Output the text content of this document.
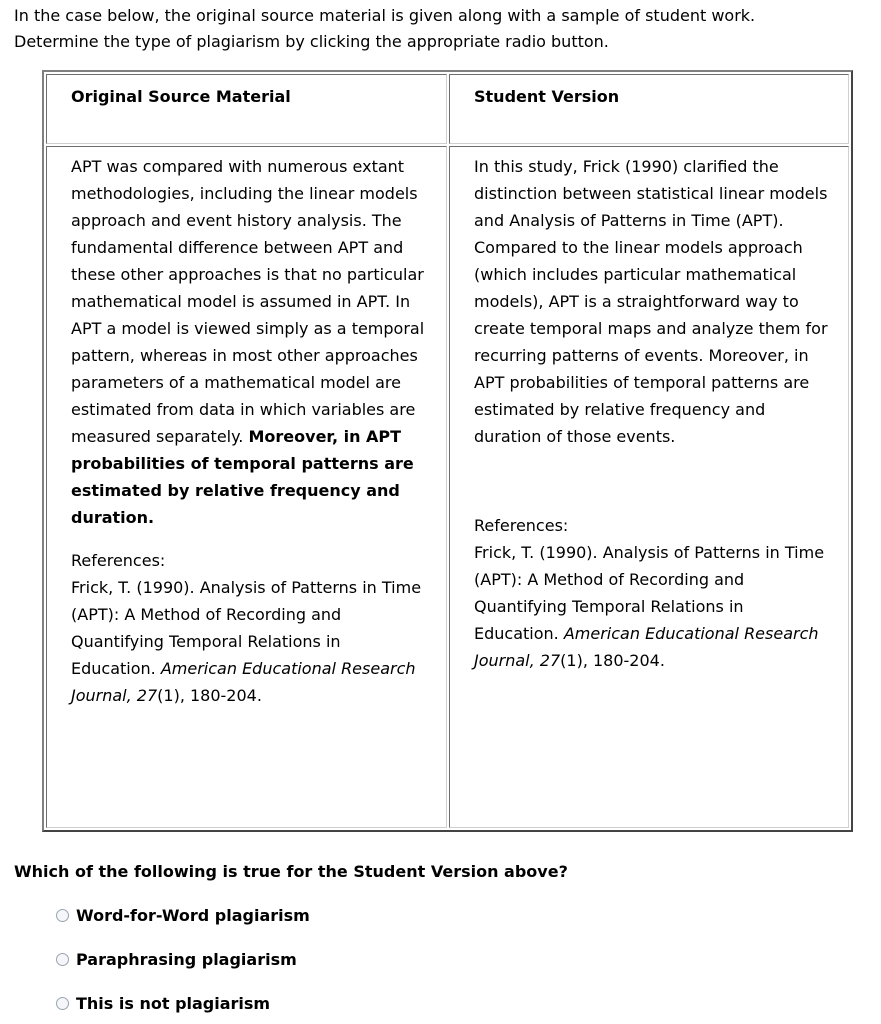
In the case below, the original source material is given along with a sample of student work.

Determine the type of plagiarism by clicking the appropriate radio button.

Original Source Material	Student Version

APT was compared with numerous extant methodologies, including the linear models approach and event history analysis. The fundamental difference between APT and these other approaches is that no particular mathematical model is assumed in APT. In APT a model is viewed simply as a temporal pattern, whereas in most other approaches parameters of a mathematical model are estimated from data in which variables are measured separately. Moreover, in APT probabilities of temporal patterns are estimated by relative frequency and duration.

References:

Frick, T. (1990). Analysis of Patterns in Time (APT): A Method of Recording and Quantifying Temporal Relations in Education. American Educational Research Journal, 27(1), 180-204.

In this study, Frick (1990) clarified the distinction between statistical linear models and Analysis of Patterns in Time (APT). Compared to the linear models approach (which includes particular mathematical models), APT is a straightforward way to create temporal maps and analyze them for recurring patterns of events. Moreover, in APT probabilities of temporal patterns are estimated by relative frequency and duration of those events.

References:

Frick, T. (1990). Analysis of Patterns in Time (APT): A Method of Recording and Quantifying Temporal Relations in Education. American Educational Research Journal, 27(1), 180-204.

Which of the following is true for the Student Version above?
Word-for-Word plagiarism
Paraphrasing plagiarism
This is not plagiarism
